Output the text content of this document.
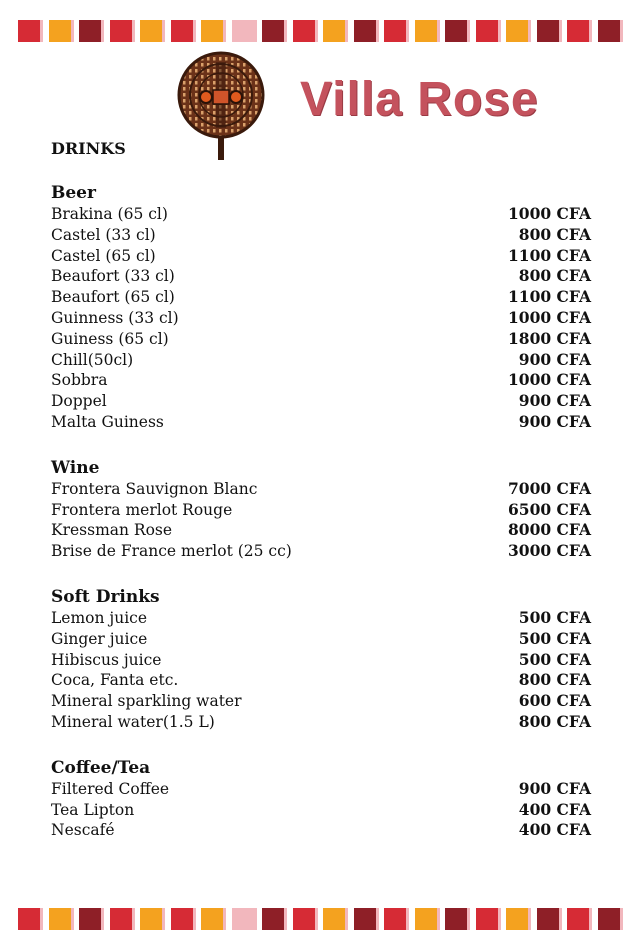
Villa Rose
DRINKS
Beer
Brakina (65 cl)	1000 CFA
Castel (33 cl)	800 CFA
Castel (65 cl)	1100 CFA
Beaufort (33 cl)	800 CFA
Beaufort (65 cl)	1100 CFA
Guinness (33 cl)	1000 CFA
Guiness (65 cl)	1800 CFA
Chill(50cl)	900 CFA
Sobbra	1000 CFA
Doppel	900 CFA
Malta Guiness	900 CFA
Wine
Frontera Sauvignon Blanc	7000 CFA
Frontera merlot Rouge	6500 CFA
Kressman Rose	8000 CFA
Brise de France merlot (25 cc)	3000 CFA
Soft Drinks
Lemon juice	500 CFA
Ginger juice	500 CFA
Hibiscus juice	500 CFA
Coca, Fanta etc.	800 CFA
Mineral sparkling water	600 CFA
Mineral water(1.5 L)	800 CFA
Coffee/Tea
Filtered Coffee	900 CFA
Tea Lipton	400 CFA
Nescafé	400 CFA
